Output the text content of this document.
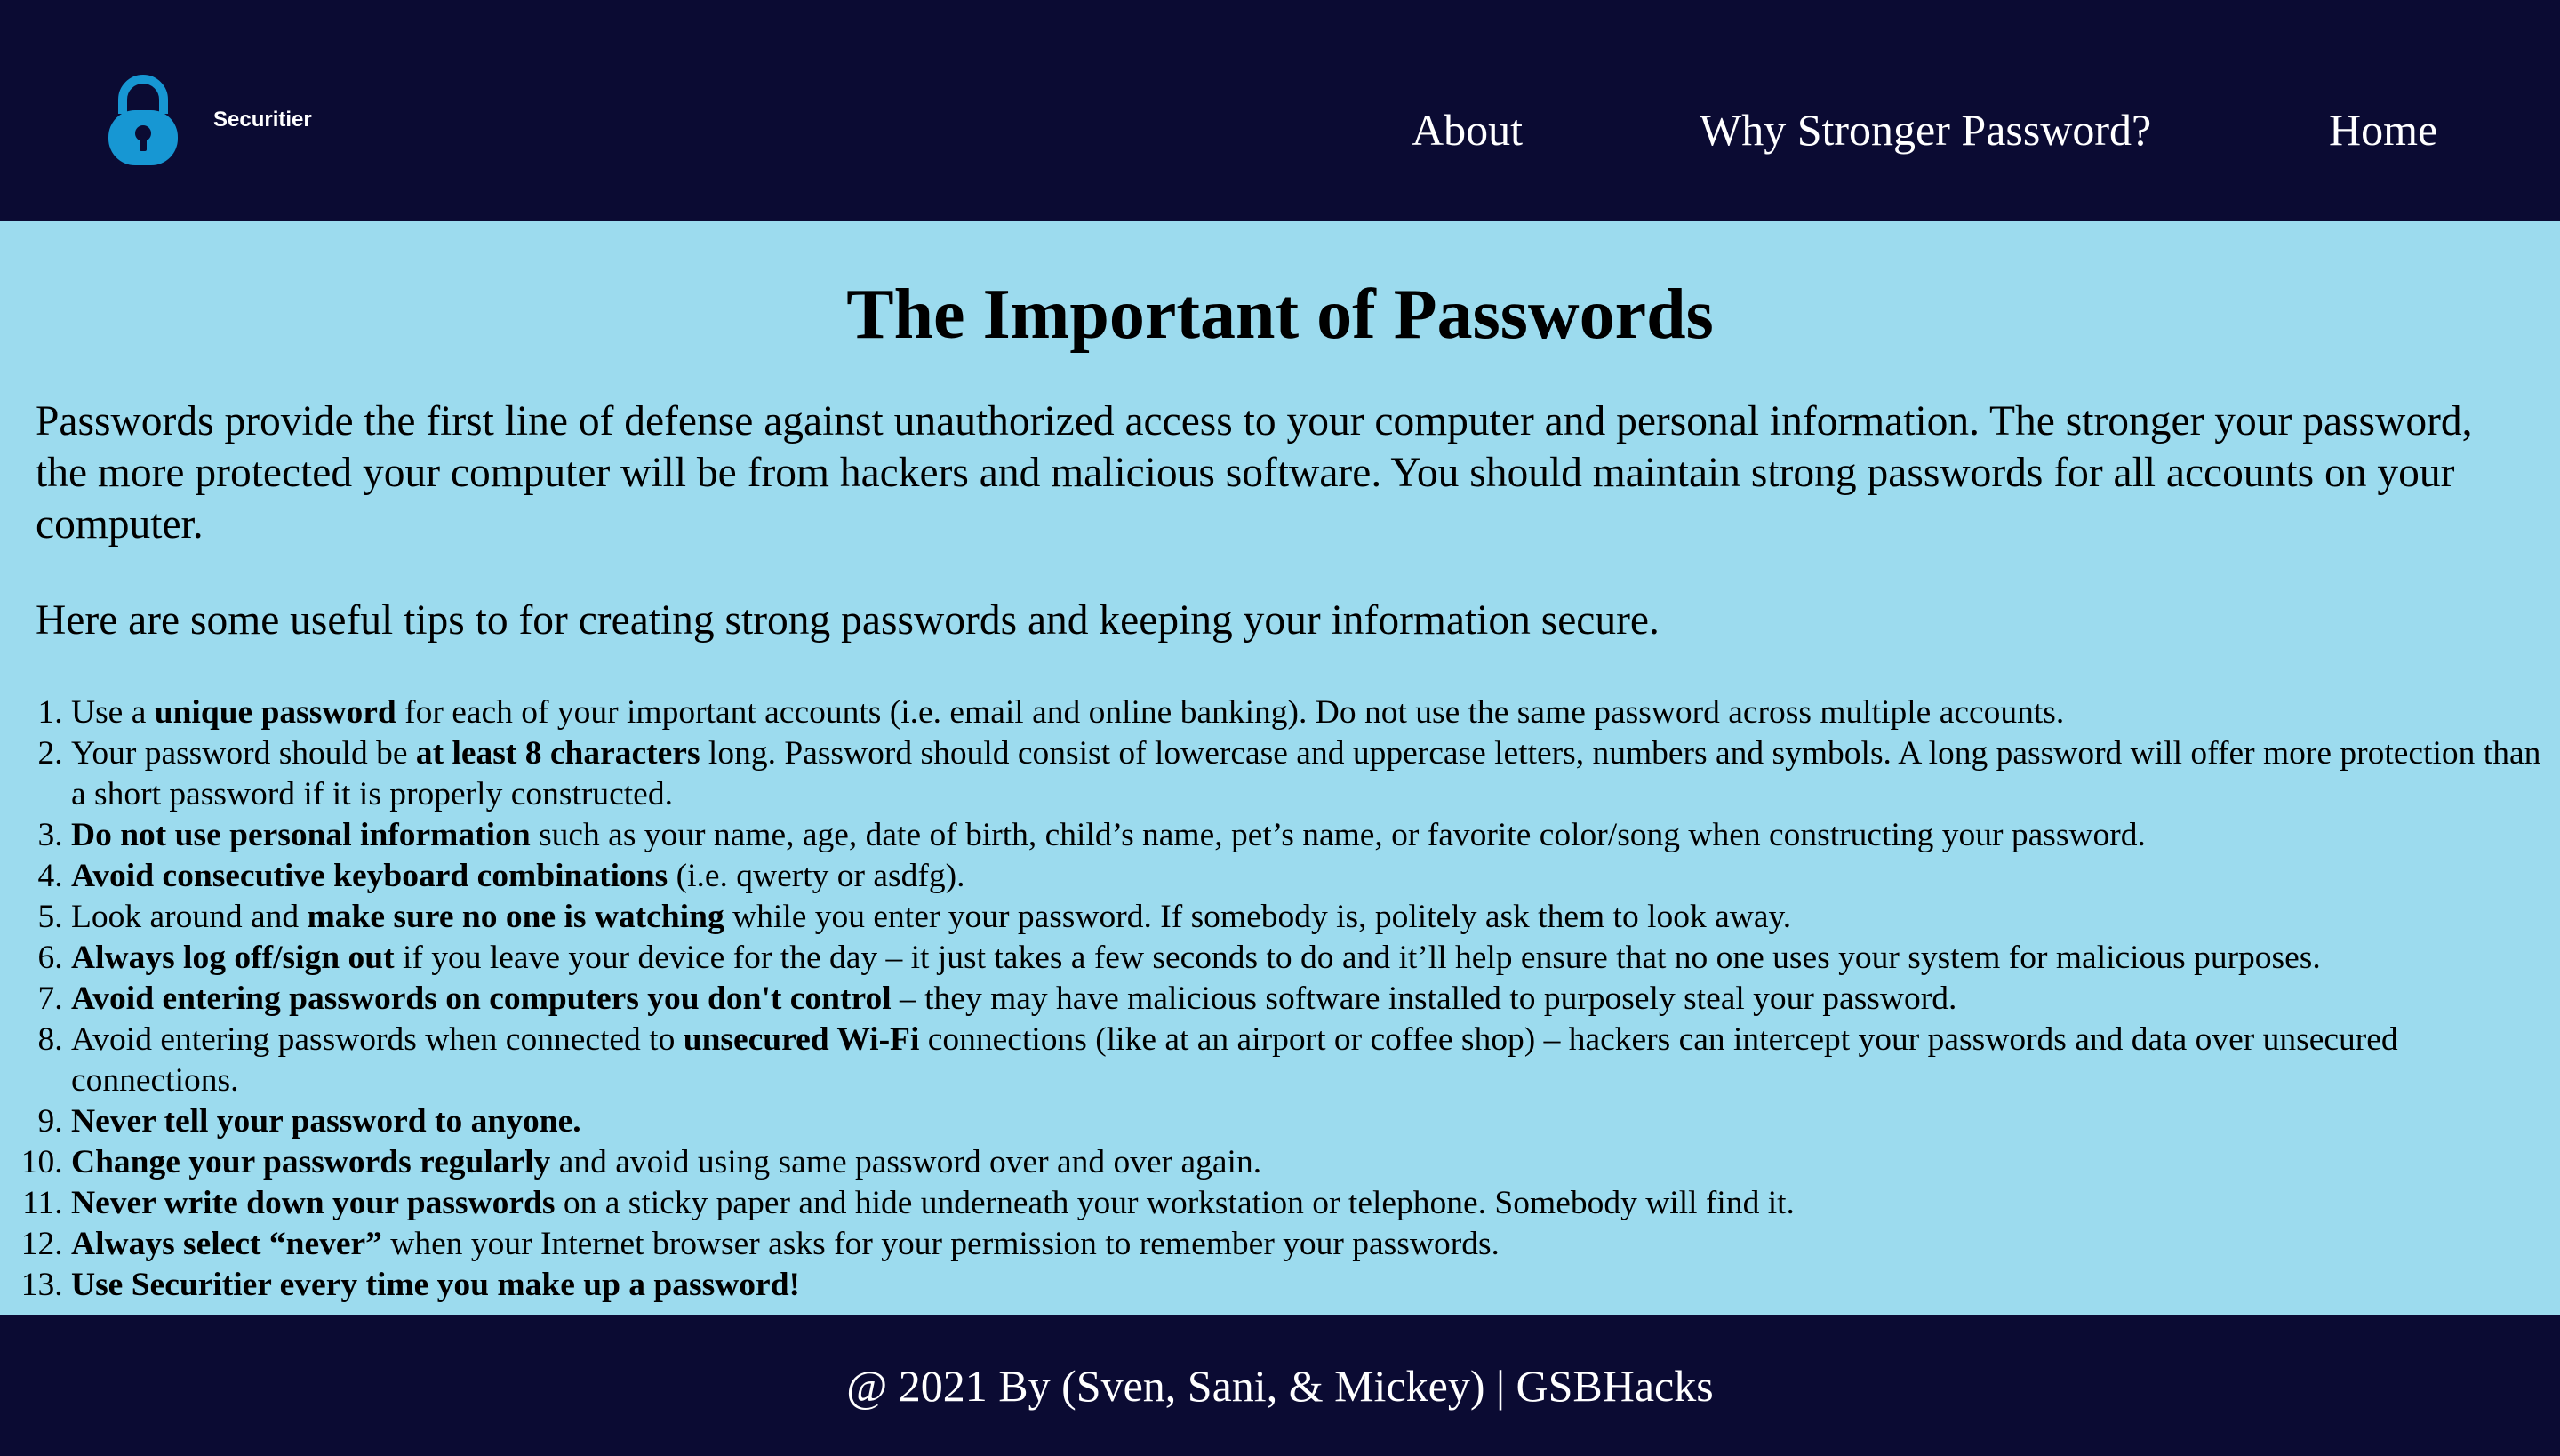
Securitier	About	Why Stronger Password?	Home
The Important of Passwords

Passwords provide the first line of defense against unauthorized access to your computer and personal information. The stronger your password, the more protected your computer will be from hackers and malicious software. You should maintain strong passwords for all accounts on your computer.

Here are some useful tips to for creating strong passwords and keeping your information secure.

1. Use a unique password for each of your important accounts (i.e. email and online banking). Do not use the same password across multiple accounts.
2. Your password should be at least 8 characters long. Password should consist of lowercase and uppercase letters, numbers and symbols. A long password will offer more protection than a short password if it is properly constructed.
3. Do not use personal information such as your name, age, date of birth, child’s name, pet’s name, or favorite color/song when constructing your password.
4. Avoid consecutive keyboard combinations (i.e. qwerty or asdfg).
5. Look around and make sure no one is watching while you enter your password. If somebody is, politely ask them to look away.
6. Always log off/sign out if you leave your device for the day – it just takes a few seconds to do and it’ll help ensure that no one uses your system for malicious purposes.
7. Avoid entering passwords on computers you don't control – they may have malicious software installed to purposely steal your password.
8. Avoid entering passwords when connected to unsecured Wi-Fi connections (like at an airport or coffee shop) – hackers can intercept your passwords and data over unsecured connections.
9. Never tell your password to anyone.
10. Change your passwords regularly and avoid using same password over and over again.
11. Never write down your passwords on a sticky paper and hide underneath your workstation or telephone. Somebody will find it.
12. Always select “never” when your Internet browser asks for your permission to remember your passwords.
13. Use Securitier every time you make up a password!
@ 2021 By (Sven, Sani, & Mickey) | GSBHacks
